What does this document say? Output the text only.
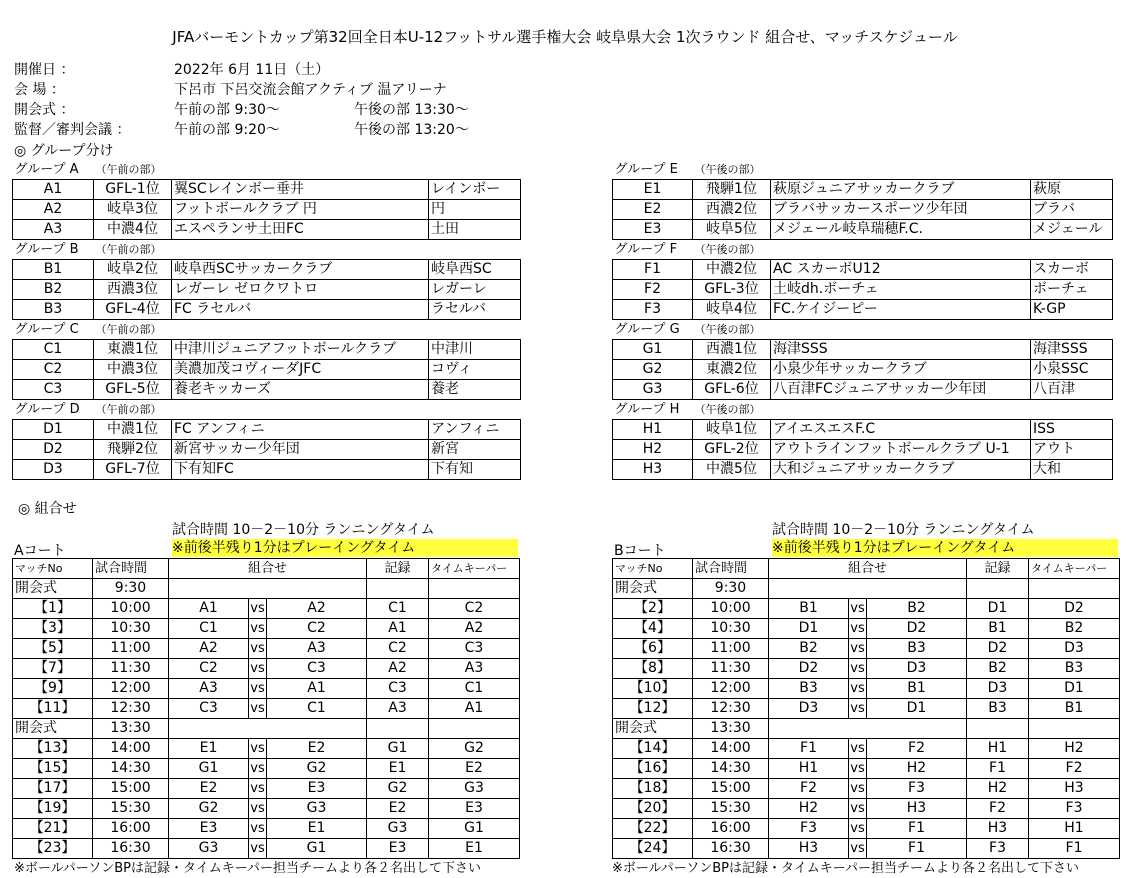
JFAバーモントカップ第32回全日本U-12フットサル選手権大会 岐阜県大会 1次ラウンド 組合せ、マッチスケジュール
開催日 ：	2022年 6月 11日（土）
会 場 ：	下呂市 下呂交流会館アクティブ 温アリーナ
開会式 ：	午前の部 9:30～	午後の部 13:30～
監督／審判会議 ：	午前の部 9:20～	午後の部 13:20～
◎ グループ分け
グループ A	（午前の部）		
A1	GFL-1位	翼SCレインボー垂井	レインボー
A2	岐阜3位	フットボールクラブ 円	円
A3	中濃4位	エスペランサ土田FC	土田
グループ B	（午前の部）		
B1	岐阜2位	岐阜西SCサッカークラブ	岐阜西SC
B2	西濃3位	レガーレ ゼロクワトロ	レガーレ
B3	GFL-4位	FC ラセルバ	ラセルバ
グループ C	（午前の部）		
C1	東濃1位	中津川ジュニアフットボールクラブ	中津川
C2	中濃3位	美濃加茂コヴィーダJFC	コヴィ
C3	GFL-5位	養老キッカーズ	養老
グループ D	（午前の部）		
D1	中濃1位	FC アンフィニ	アンフィニ
D2	飛騨2位	新宮サッカー少年団	新宮
D3	GFL-7位	下有知FC	下有知
グループ E	（午後の部）		
E1	飛騨1位	萩原ジュニアサッカークラブ	萩原
E2	西濃2位	ブラバサッカースポーツ少年団	ブラバ
E3	岐阜5位	メジェール岐阜瑞穂F.C.	メジェール
グループ F	（午後の部）		
F1	中濃2位	AC スカーボU12	スカーボ
F2	GFL-3位	土岐dh.ボーチェ	ボーチェ
F3	岐阜4位	FC.ケイジーピー	K-GP
グループ G	（午後の部）		
G1	西濃1位	海津SSS	海津SSS
G2	東濃2位	小泉少年サッカークラブ	小泉SSC
G3	GFL-6位	八百津FCジュニアサッカー少年団	八百津
グループ H	（午後の部）		
H1	岐阜1位	アイエスエスF.C	ISS
H2	GFL-2位	アウトラインフットボールクラブ U-1	アウト
H3	中濃5位	大和ジュニアサッカークラブ	大和
◎ 組合せ
試合時間 10－2－10分 ランニングタイム
※前後半残り1分はプレーイングタイム
Aコート
試合時間 10－2－10分 ランニングタイム
※前後半残り1分はプレーイングタイム
Bコート
マッチNo	試合時間	組合せ			記録	タイムキーパー
開会式	9:30					
【1】	10:00	A1	vs	A2	C1	C2
【3】	10:30	C1	vs	C2	A1	A2
【5】	11:00	A2	vs	A3	C2	C3
【7】	11:30	C2	vs	C3	A2	A3
【9】	12:00	A3	vs	A1	C3	C1
【11】	12:30	C3	vs	C1	A3	A1
開会式	13:30					
【13】	14:00	E1	vs	E2	G1	G2
【15】	14:30	G1	vs	G2	E1	E2
【17】	15:00	E2	vs	E3	G2	G3
【19】	15:30	G2	vs	G3	E2	E3
【21】	16:00	E3	vs	E1	G3	G1
【23】	16:30	G3	vs	G1	E3	E1
マッチNo	試合時間	組合せ			記録	タイムキーパー
開会式	9:30					
【2】	10:00	B1	vs	B2	D1	D2
【4】	10:30	D1	vs	D2	B1	B2
【6】	11:00	B2	vs	B3	D2	D3
【8】	11:30	D2	vs	D3	B2	B3
【10】	12:00	B3	vs	B1	D3	D1
【12】	12:30	D3	vs	D1	B3	B1
開会式	13:30					
【14】	14:00	F1	vs	F2	H1	H2
【16】	14:30	H1	vs	H2	F1	F2
【18】	15:00	F2	vs	F3	H2	H3
【20】	15:30	H2	vs	H3	F2	F3
【22】	16:00	F3	vs	F1	H3	H1
【24】	16:30	H3	vs	F1	F3	F1
※ボールパーソンBPは記録・タイムキーパー担当チームより各２名出して下さい	※ボールパーソンBPは記録・タイムキーパー担当チームより各２名出して下さい
